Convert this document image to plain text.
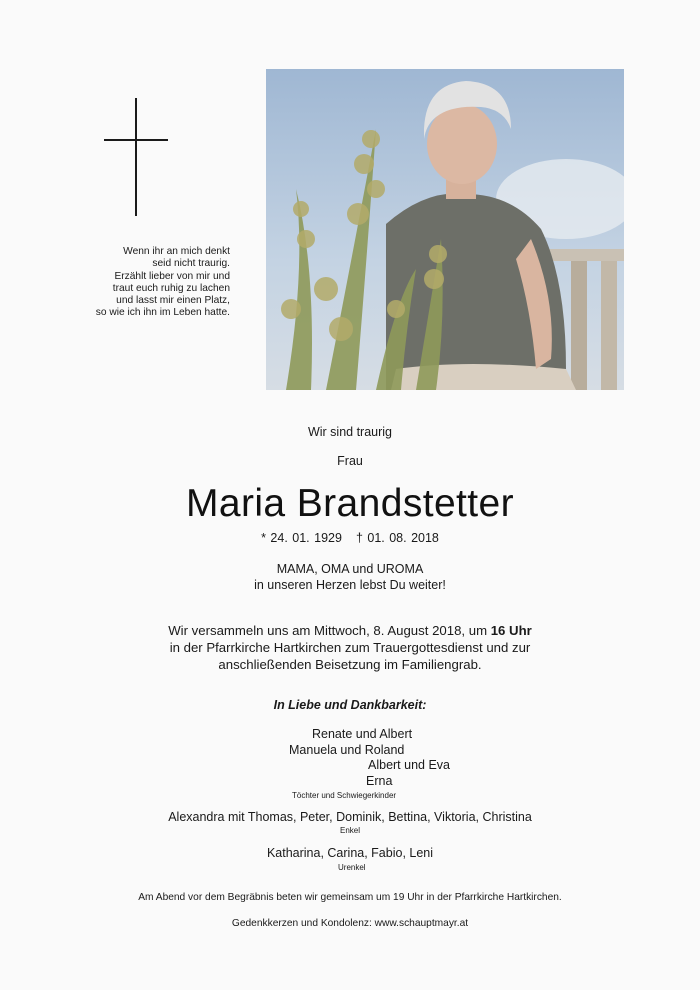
Wenn ihr an mich denkt
seid nicht traurig.
Erzählt lieber von mir und
traut euch ruhig zu lachen
und lasst mir einen Platz,
so wie ich ihn im Leben hatte.
Wir sind traurig
Frau
Maria Brandstetter
* 24. 01. 1929 † 01. 08. 2018
MAMA, OMA und UROMA
in unseren Herzen lebst Du weiter!
Wir versammeln uns am Mittwoch, 8. August 2018, um 16 Uhr
in der Pfarrkirche Hartkirchen zum Trauergottesdienst und zur
anschließenden Beisetzung im Familiengrab.
In Liebe und Dankbarkeit:
Renate und Albert
Manuela und Roland
Albert und Eva
Erna
Töchter und Schwiegerkinder
Alexandra mit Thomas, Peter, Dominik, Bettina, Viktoria, Christina
Enkel
Katharina, Carina, Fabio, Leni
Urenkel
Am Abend vor dem Begräbnis beten wir gemeinsam um 19 Uhr in der Pfarrkirche Hartkirchen.
Gedenkkerzen und Kondolenz: www.schauptmayr.at
